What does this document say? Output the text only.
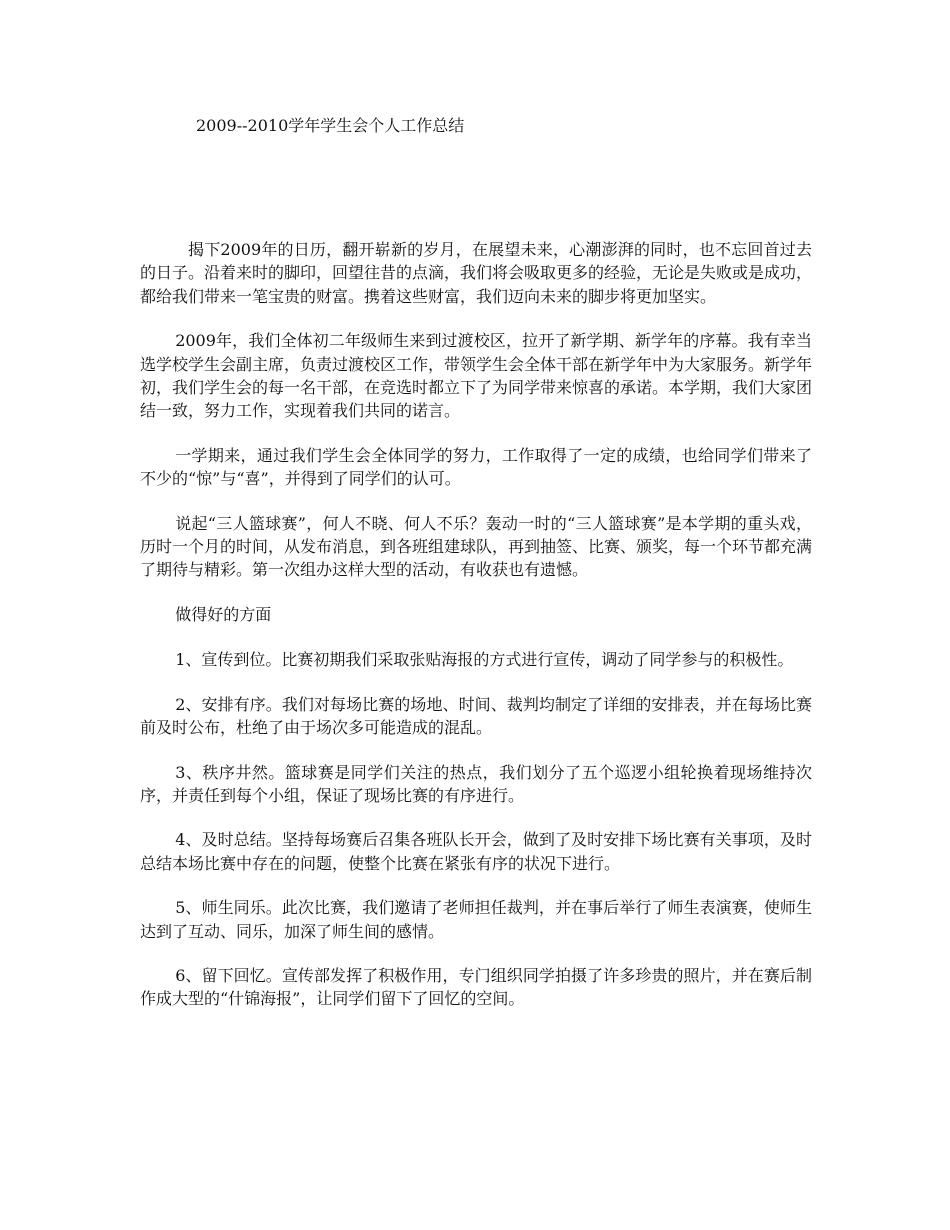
2009--2010学年学生会个人工作总结

揭下2009年的日历，翻开崭新的岁月，在展望未来，心潮澎湃的同时，也不忘回首过去的日子。沿着来时的脚印，回望往昔的点滴，我们将会吸取更多的经验，无论是失败或是成功，都给我们带来一笔宝贵的财富。携着这些财富，我们迈向未来的脚步将更加坚实。

2009年，我们全体初二年级师生来到过渡校区，拉开了新学期、新学年的序幕。我有幸当选学校学生会副主席，负责过渡校区工作，带领学生会全体干部在新学年中为大家服务。新学年初，我们学生会的每一名干部，在竞选时都立下了为同学带来惊喜的承诺。本学期，我们大家团结一致，努力工作，实现着我们共同的诺言。

一学期来，通过我们学生会全体同学的努力，工作取得了一定的成绩，也给同学们带来了不少的“惊”与“喜”，并得到了同学们的认可。

说起“三人篮球赛”，何人不晓、何人不乐？轰动一时的“三人篮球赛”是本学期的重头戏，历时一个月的时间，从发布消息，到各班组建球队，再到抽签、比赛、颁奖，每一个环节都充满了期待与精彩。第一次组办这样大型的活动，有收获也有遗憾。

做得好的方面

1、宣传到位。比赛初期我们采取张贴海报的方式进行宣传，调动了同学参与的积极性。

2、安排有序。我们对每场比赛的场地、时间、裁判均制定了详细的安排表，并在每场比赛前及时公布，杜绝了由于场次多可能造成的混乱。

3、秩序井然。篮球赛是同学们关注的热点，我们划分了五个巡逻小组轮换着现场维持次序，并责任到每个小组，保证了现场比赛的有序进行。

4、及时总结。坚持每场赛后召集各班队长开会，做到了及时安排下场比赛有关事项，及时总结本场比赛中存在的问题，使整个比赛在紧张有序的状况下进行。

5、师生同乐。此次比赛，我们邀请了老师担任裁判，并在事后举行了师生表演赛，使师生达到了互动、同乐，加深了师生间的感情。

6、留下回忆。宣传部发挥了积极作用，专门组织同学拍摄了许多珍贵的照片，并在赛后制作成大型的“什锦海报”，让同学们留下了回忆的空间。
